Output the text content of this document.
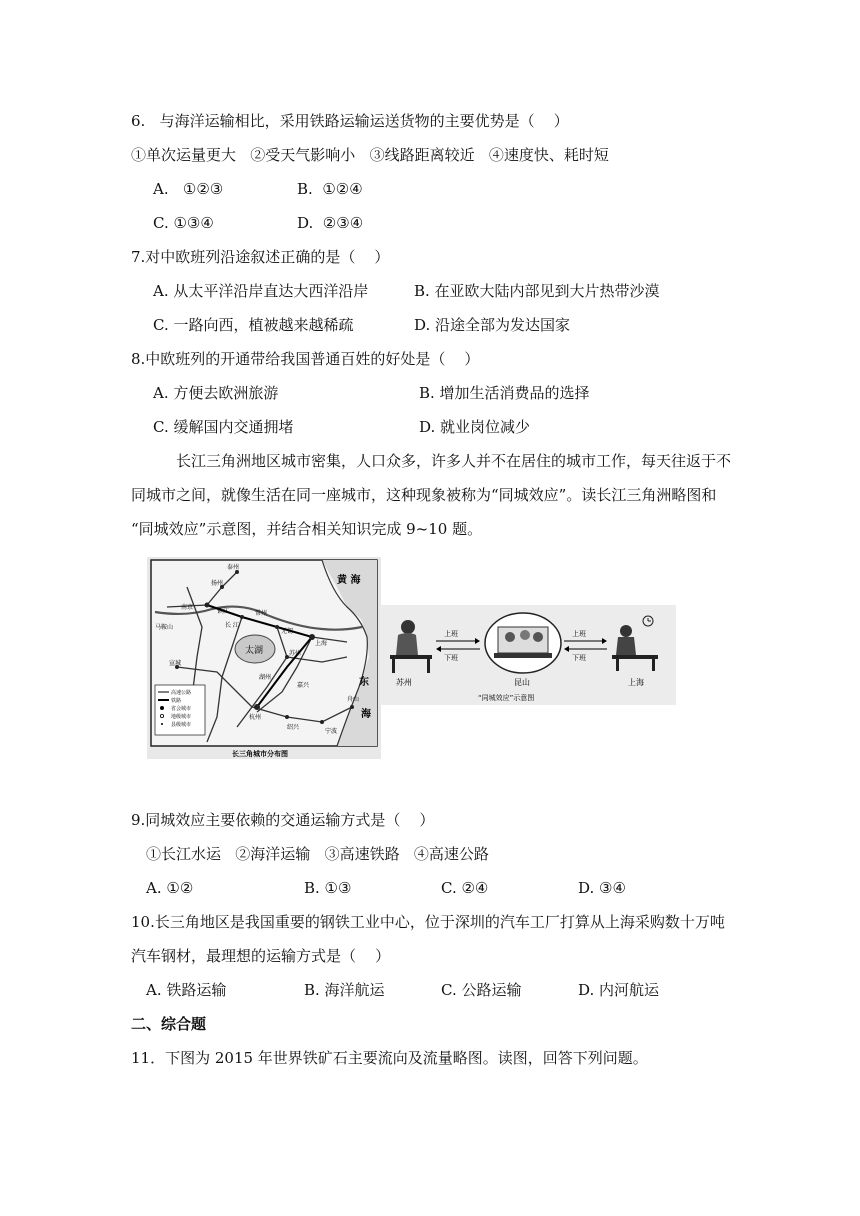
6.   与海洋运输相比，采用铁路运输运送货物的主要优势是（    ）
①单次运量更大   ②受天气影响小   ③线路距离较近   ④速度快、耗时短
A.   ①②③	B.  ①②④
C. ①③④	D.  ②③④
7.对中欧班列沿途叙述正确的是（    ）
A. 从太平洋沿岸直达大西洋沿岸	B. 在亚欧大陆内部见到大片热带沙漠
C. 一路向西，植被越来越稀疏	D. 沿途全部为发达国家
8.中欧班列的开通带给我国普通百姓的好处是（    ）
A. 方便去欧洲旅游	B. 增加生活消费品的选择
C. 缓解国内交通拥堵	D. 就业岗位减少
长江三角洲地区城市密集，人口众多，许多人并不在居住的城市工作，每天往返于不
同城市之间，就像生活在同一座城市，这种现象被称为“同城效应”。读长江三角洲略图和
“同城效应”示意图，并结合相关知识完成 9~10 题。
黄 海
东
海
太湖
长 江
泰州
扬州
南京
镇江	常州
无锡
苏州
上海
马鞍山
宣城
湖州
嘉兴
杭州
绍兴
宁波
舟山
高速公路
铁路
省会城市
地级城市
县级城市
长三角城市分布图
苏州
上班
下班
昆山
上班
下班
上海
“同城效应”示意图
9.同城效应主要依赖的交通运输方式是（    ）
①长江水运   ②海洋运输   ③高速铁路   ④高速公路
A. ①②	B. ①③	C. ②④	D. ③④
10.长三角地区是我国重要的钢铁工业中心，位于深圳的汽车工厂打算从上海采购数十万吨
汽车钢材，最理想的运输方式是（    ）
A. 铁路运输	B. 海洋航运	C. 公路运输	D. 内河航运
二、综合题
11．下图为 2015 年世界铁矿石主要流向及流量略图。读图，回答下列问题。
